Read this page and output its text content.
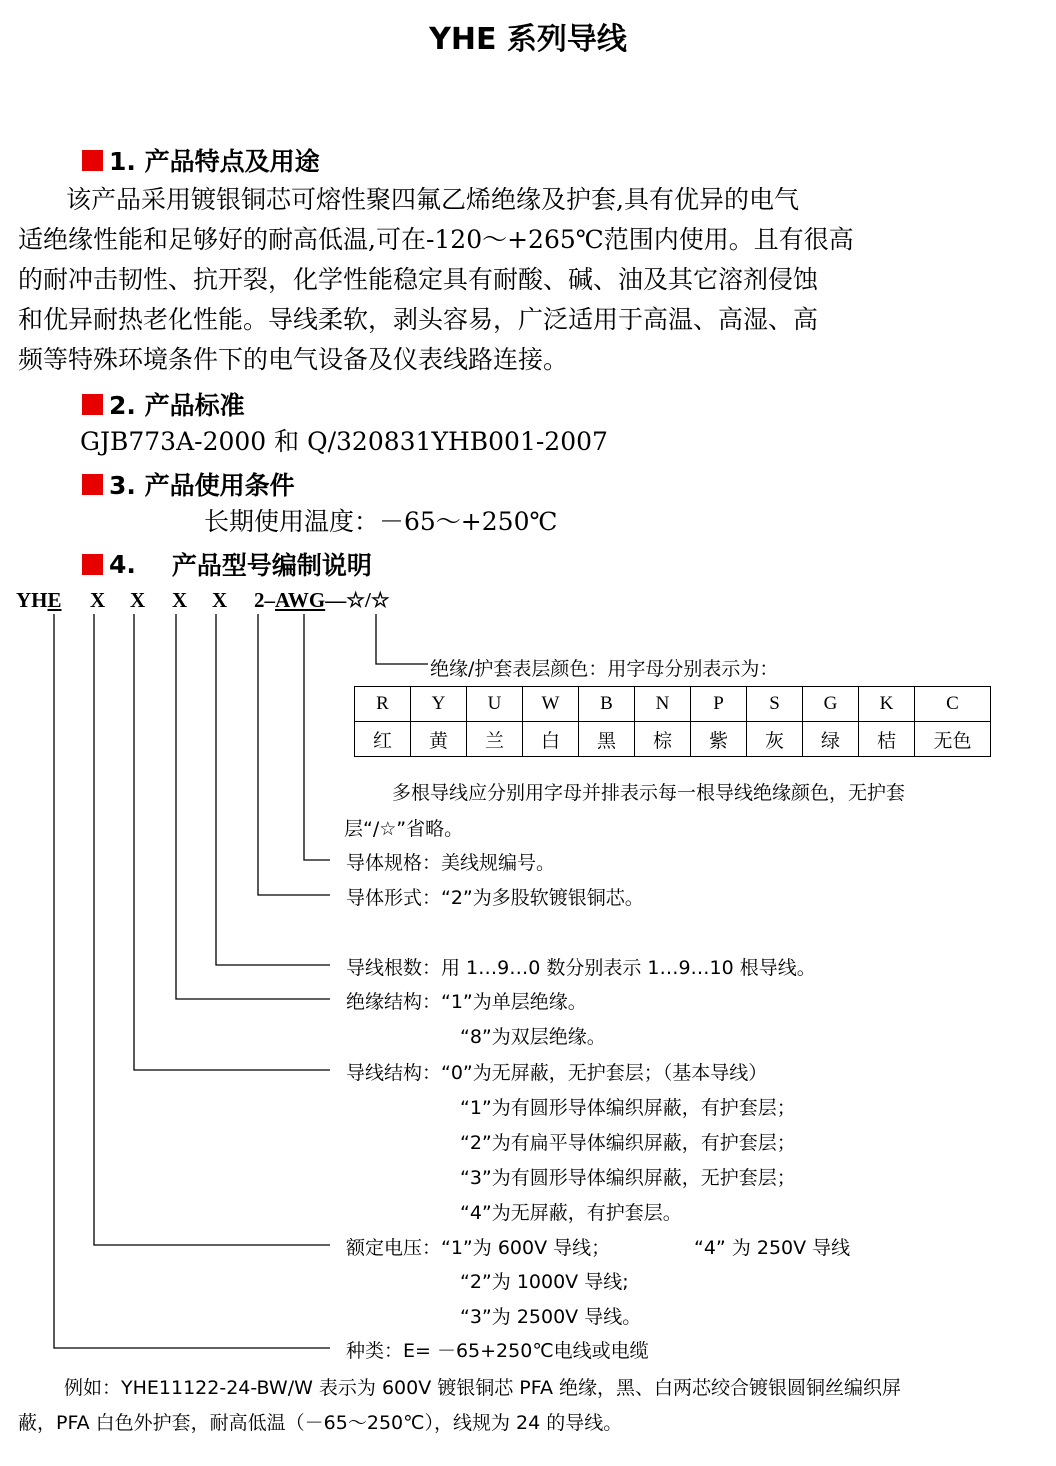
YHE 系列导线
1. 产品特点及用途
该产品采用镀银铜芯可熔性聚四氟乙烯绝缘及护套,具有优异的电气
适绝缘性能和足够好的耐高低温,可在-120～+265℃范围内使用。且有很高
的耐冲击韧性、抗开裂，化学性能稳定具有耐酸、碱、油及其它溶剂侵蚀
和优异耐热老化性能。导线柔软，剥头容易，广泛适用于高温、高湿、高
频等特殊环境条件下的电气设备及仪表线路连接。
2. 产品标准
GJB773A-2000 和 Q/320831YHB001-2007
3. 产品使用条件
长期使用温度：－65～+250℃
4. 产品型号编制说明
YHE X X X X 2–AWG—☆/☆
绝缘/护套表层颜色：用字母分别表示为：
R	Y	U	W	B	N	P	S	G	K	C
红	黄	兰	白	黑	棕	紫	灰	绿	桔	无色
多根导线应分别用字母并排表示每一根导线绝缘颜色，无护套
层“/☆”省略。
导体规格：美线规编号。
导体形式：“2”为多股软镀银铜芯。
导线根数：用 1…9…0 数分别表示 1…9…10 根导线。
绝缘结构：“1”为单层绝缘。
“8”为双层绝缘。
导线结构：“0”为无屏蔽，无护套层；（基本导线）
“1”为有圆形导体编织屏蔽，有护套层；
“2”为有扁平导体编织屏蔽，有护套层；
“3”为有圆形导体编织屏蔽，无护套层；
“4”为无屏蔽，有护套层。
额定电压：“1”为 600V 导线；	“4” 为 250V 导线
“2”为 1000V 导线;
“3”为 2500V 导线。
种类：E= －65+250℃电线或电缆
例如：YHE11122-24-BW/W 表示为 600V 镀银铜芯 PFA 绝缘，黑、白两芯绞合镀银圆铜丝编织屏
蔽，PFA 白色外护套，耐高低温（－65～250℃），线规为 24 的导线。
